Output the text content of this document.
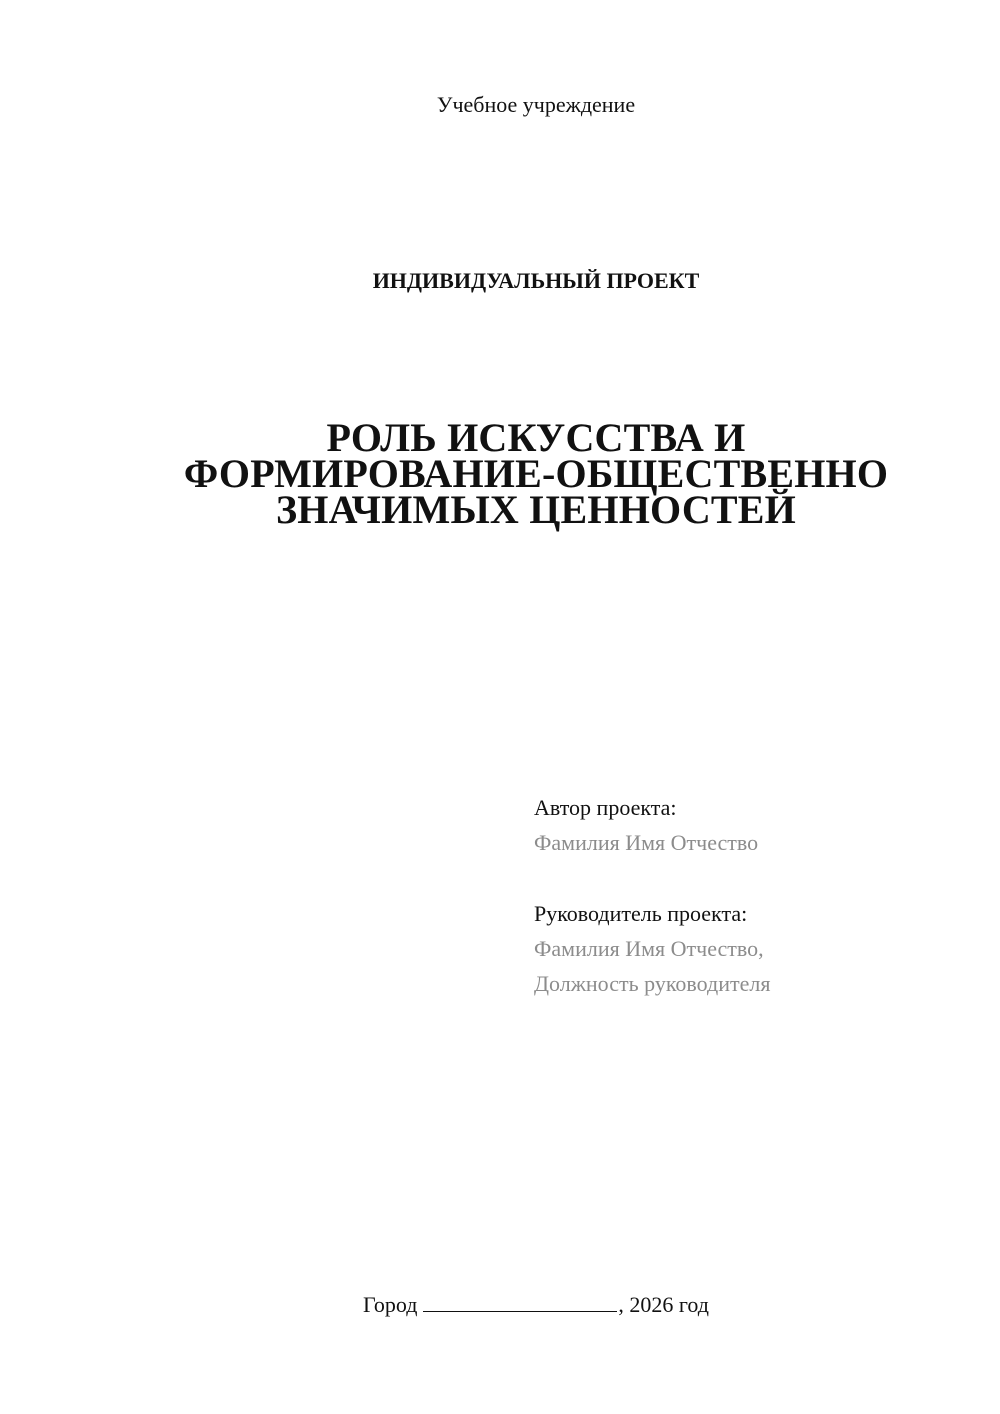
Учебное учреждение
ИНДИВИДУАЛЬНЫЙ ПРОЕКТ
РОЛЬ ИСКУССТВА И
ФОРМИРОВАНИЕ-ОБЩЕСТВЕННО
ЗНАЧИМЫХ ЦЕННОСТЕЙ
Автор проекта:
Фамилия Имя Отчество
Руководитель проекта:
Фамилия Имя Отчество,
Должность руководителя
Город	, 2026 год
